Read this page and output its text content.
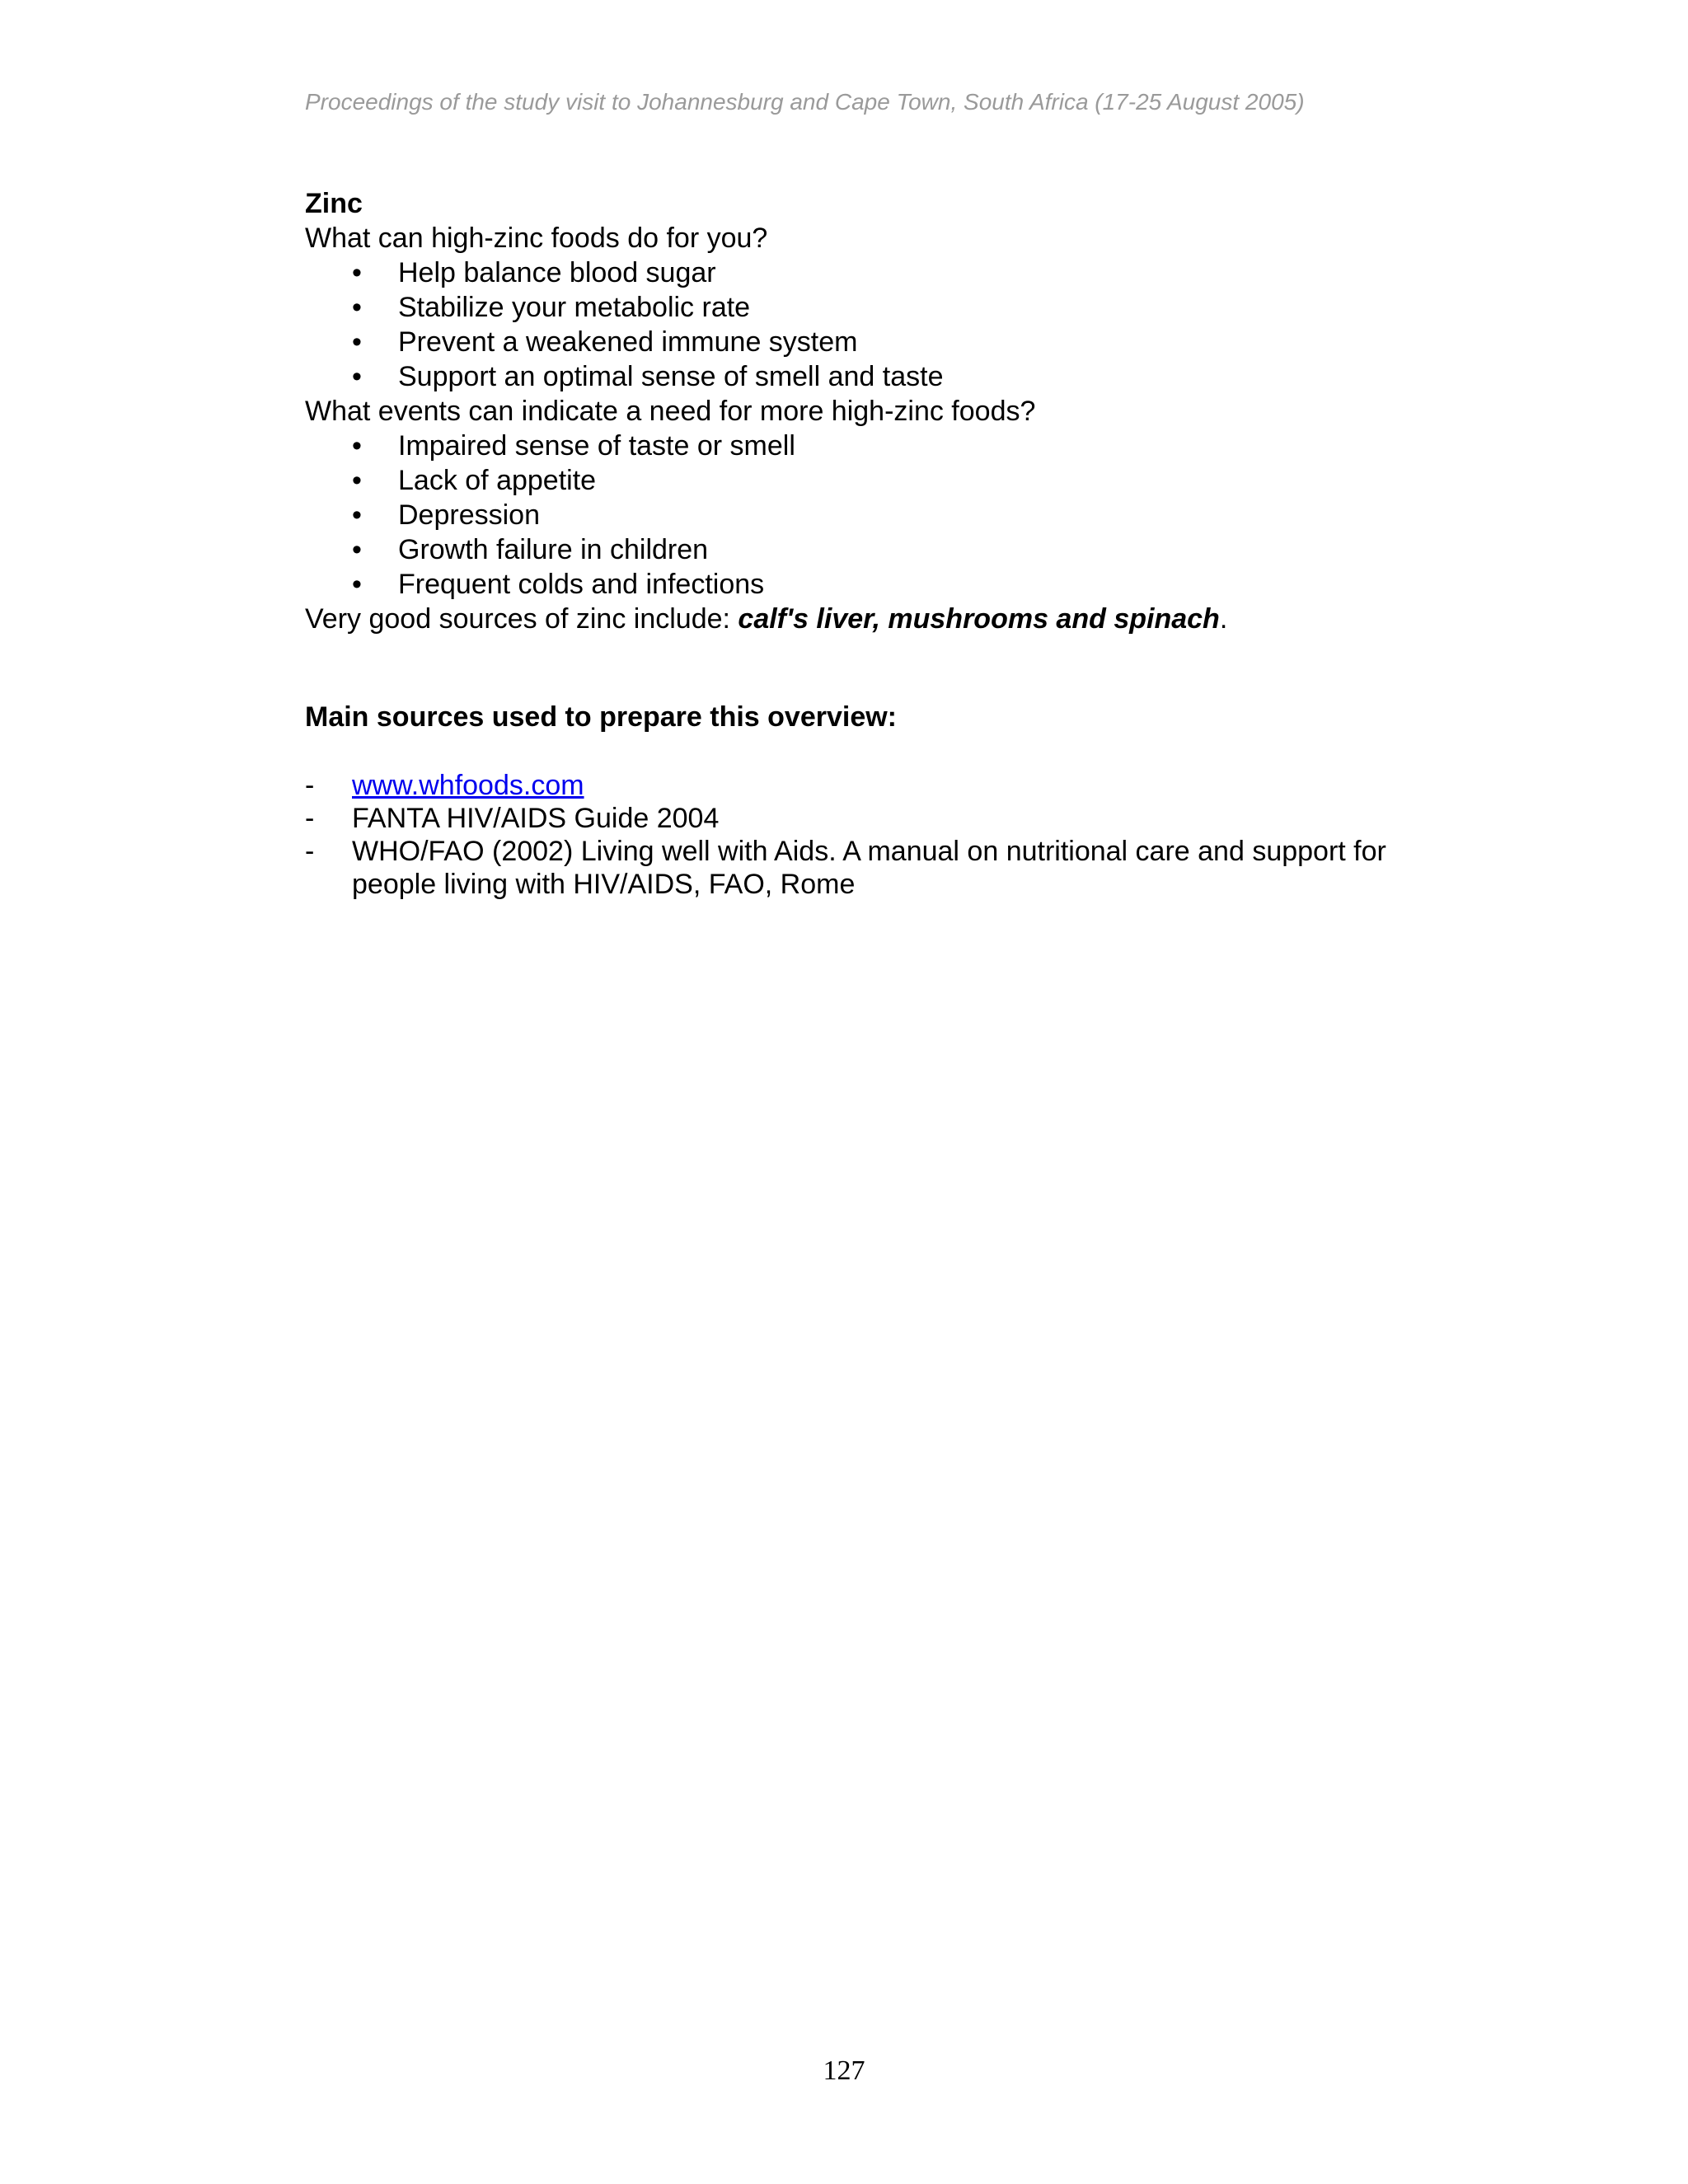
Proceedings of the study visit to Johannesburg and Cape Town, South Africa (17-25 August 2005)

Zinc

What can high-zinc foods do for you?

• Help balance blood sugar
• Stabilize your metabolic rate
• Prevent a weakened immune system
• Support an optimal sense of smell and taste

What events can indicate a need for more high-zinc foods?

• Impaired sense of taste or smell
• Lack of appetite
• Depression
• Growth failure in children
• Frequent colds and infections

Very good sources of zinc include: calf's liver, mushrooms and spinach.

Main sources used to prepare this overview:

- www.whfoods.com
- FANTA HIV/AIDS Guide 2004
- WHO/FAO (2002) Living well with Aids. A manual on nutritional care and support for people living with HIV/AIDS, FAO, Rome
127
